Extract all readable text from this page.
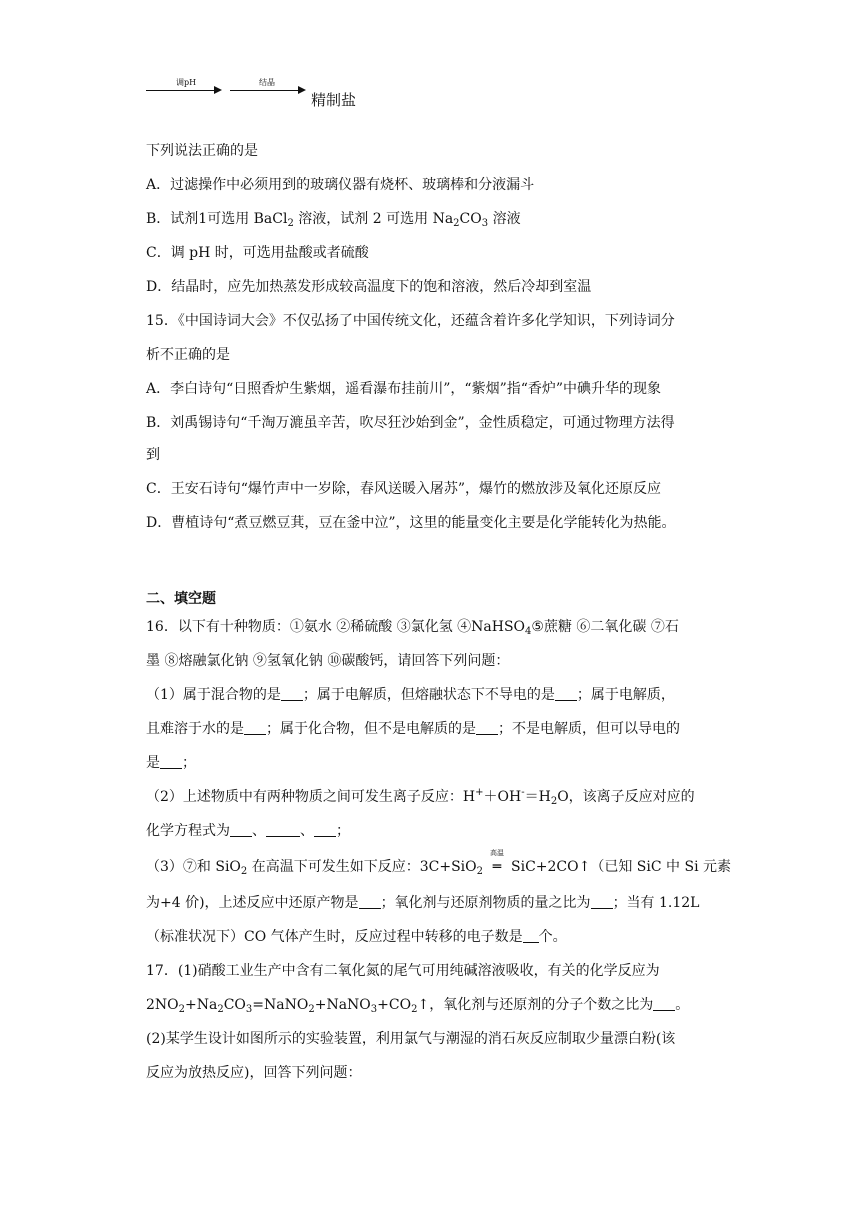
调pH	结晶
精制盐
下列说法正确的是
A．过滤操作中必须用到的玻璃仪器有烧杯、玻璃棒和分液漏斗
B．试剂1可选用 BaCl$_2$ 溶液，试剂 2 可选用 $Na_2CO_3$ 溶液
C．调 pH 时，可选用盐酸或者硫酸
D．结晶时，应先加热蒸发形成较高温度下的饱和溶液，然后冷却到室温
15．《中国诗词大会》不仅弘扬了中国传统文化，还蕴含着许多化学知识，下列诗词分
析不正确的是
A．李白诗句“日照香炉生紫烟，遥看瀑布挂前川”，“紫烟”指“香炉”中碘升华的现象
B．刘禹锡诗句“千淘万漉虽辛苦，吹尽狂沙始到金”，金性质稳定，可通过物理方法得
到
C．王安石诗句“爆竹声中一岁除，春风送暖入屠苏”，爆竹的燃放涉及氧化还原反应
D．曹植诗句“煮豆燃豆萁，豆在釜中泣”，这里的能量变化主要是化学能转化为热能。
二、填空题
16．以下有十种物质：①氨水 ②稀硫酸 ③氯化氢 ④NaHSO$_4$⑤蔗糖 ⑥二氧化碳 ⑦石
墨 ⑧熔融氯化钠 ⑨氢氧化钠 ⑩碳酸钙，请回答下列问题：
（1）属于混合物的是 ；属于电解质，但熔融状态下不导电的是 ；属于电解质，
且难溶于水的是 ；属于化合物，但不是电解质的是 ；不是电解质，但可以导电的
是 ；
（2）上述物质中有两种物质之间可发生离子反应：$H^++OH^-=H_2O$，该离子反应对应的
化学方程式为 、 、 ；
（3）⑦和 SiO$_2$ 在高温下可发生如下反应：3C+SiO$_2$
高温
═ SiC+2CO↑（已知 SiC 中 Si 元素
为+4 价)，上述反应中还原产物是 ；氧化剂与还原剂物质的量之比为 ；当有 1.12L
（标准状况下）CO 气体产生时，反应过程中转移的电子数是 个。
17．(1)硝酸工业生产中含有二氧化氮的尾气可用纯碱溶液吸收，有关的化学反应为
$2NO_2+Na_2CO_3=NaNO_2+NaNO_3+CO_2↑$，氧化剂与还原剂的分子个数之比为 。
(2)某学生设计如图所示的实验装置，利用氯气与潮湿的消石灰反应制取少量漂白粉(该
反应为放热反应)，回答下列问题：
